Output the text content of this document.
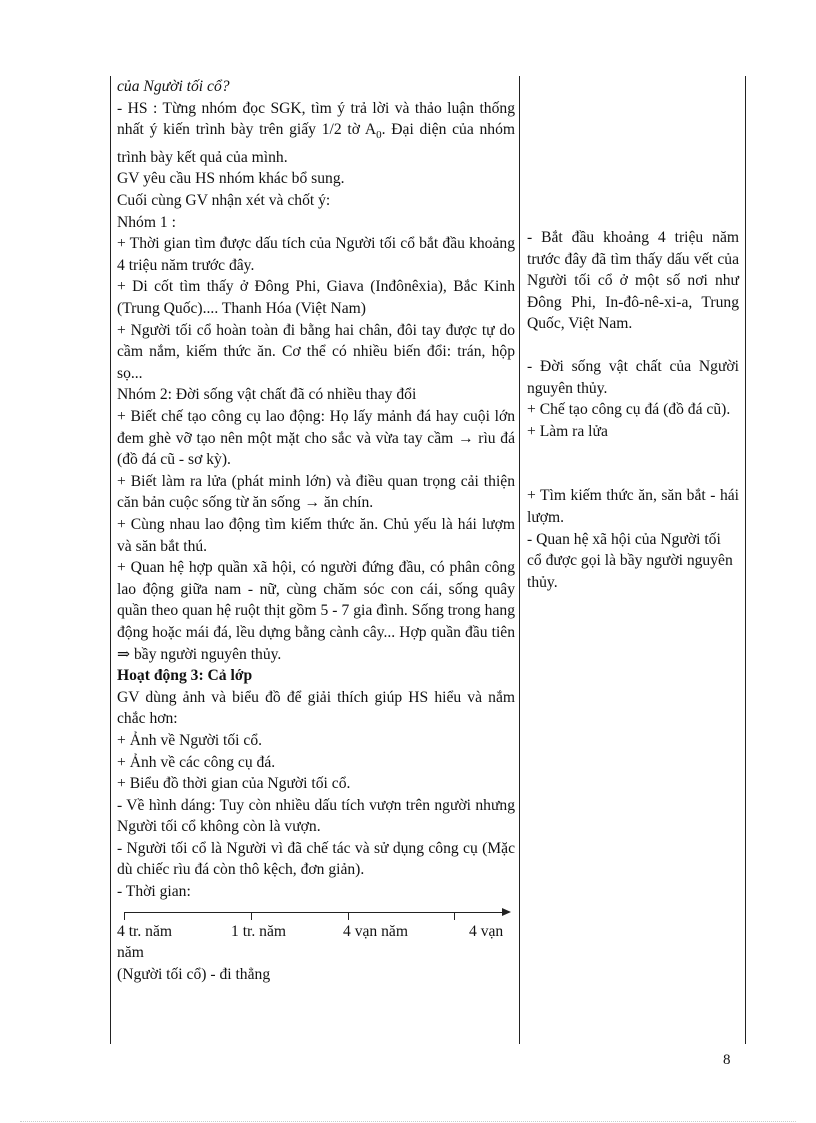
của Người tối cổ?

- HS : Từng nhóm đọc SGK, tìm ý trả lời và thảo luận thống nhất ý kiến trình bày trên giấy 1/2 tờ $A_0$. Đại diện của nhóm trình bày kết quả của mình.

GV yêu cầu HS nhóm khác bổ sung.

Cuối cùng GV nhận xét và chốt ý:

Nhóm 1 :

+ Thời gian tìm được dấu tích của Người tối cổ bắt đầu khoảng 4 triệu năm trước đây.

+ Di cốt tìm thấy ở Đông Phi, Giava (Inđônêxia), Bắc Kinh (Trung Quốc).... Thanh Hóa (Việt Nam)

+ Người tối cổ hoàn toàn đi bằng hai chân, đôi tay được tự do cầm nắm, kiếm thức ăn. Cơ thể có nhiều biến đổi: trán, hộp sọ...

Nhóm 2: Đời sống vật chất đã có nhiều thay đổi

+ Biết chế tạo công cụ lao động: Họ lấy mảnh đá hay cuội lớn đem ghè vỡ tạo nên một mặt cho sắc và vừa tay cầm → rìu đá (đồ đá cũ - sơ kỳ).

+ Biết làm ra lửa (phát minh lớn) và điều quan trọng cải thiện căn bản cuộc sống từ ăn sống → ăn chín.

+ Cùng nhau lao động tìm kiếm thức ăn. Chủ yếu là hái lượm và săn bắt thú.

+ Quan hệ hợp quần xã hội, có người đứng đầu, có phân công lao động giữa nam - nữ, cùng chăm sóc con cái, sống quây quần theo quan hệ ruột thịt gồm 5 - 7 gia đình. Sống trong hang động hoặc mái đá, lều dựng bằng cành cây... Hợp quần đầu tiên ⇒ bầy người nguyên thủy.

Hoạt động 3: Cả lớp

GV dùng ảnh và biểu đồ để giải thích giúp HS hiểu và nắm chắc hơn:

+ Ảnh về Người tối cổ.

+ Ảnh về các công cụ đá.

+ Biểu đồ thời gian của Người tối cổ.

- Về hình dáng: Tuy còn nhiều dấu tích vượn trên người nhưng Người tối cổ không còn là vượn.

- Người tối cổ là Người vì đã chế tác và sử dụng công cụ (Mặc dù chiếc rìu đá còn thô kệch, đơn giản).

- Thời gian:

4 tr. năm	1 tr. năm	4 vạn năm	4 vạn

năm

(Người tối cổ) - đi thẳng

- Bắt đầu khoảng 4 triệu năm trước đây đã tìm thấy dấu vết của Người tối cổ ở một số nơi như Đông Phi, In-đô-nê-xi-a, Trung Quốc, Việt Nam.

- Đời sống vật chất của Người nguyên thủy.

+ Chế tạo công cụ đá (đồ đá cũ).

+ Làm ra lửa

+ Tìm kiếm thức ăn, săn bắt - hái lượm.

- Quan hệ xã hội của Người tối cổ được gọi là bầy người nguyên thủy.

8
